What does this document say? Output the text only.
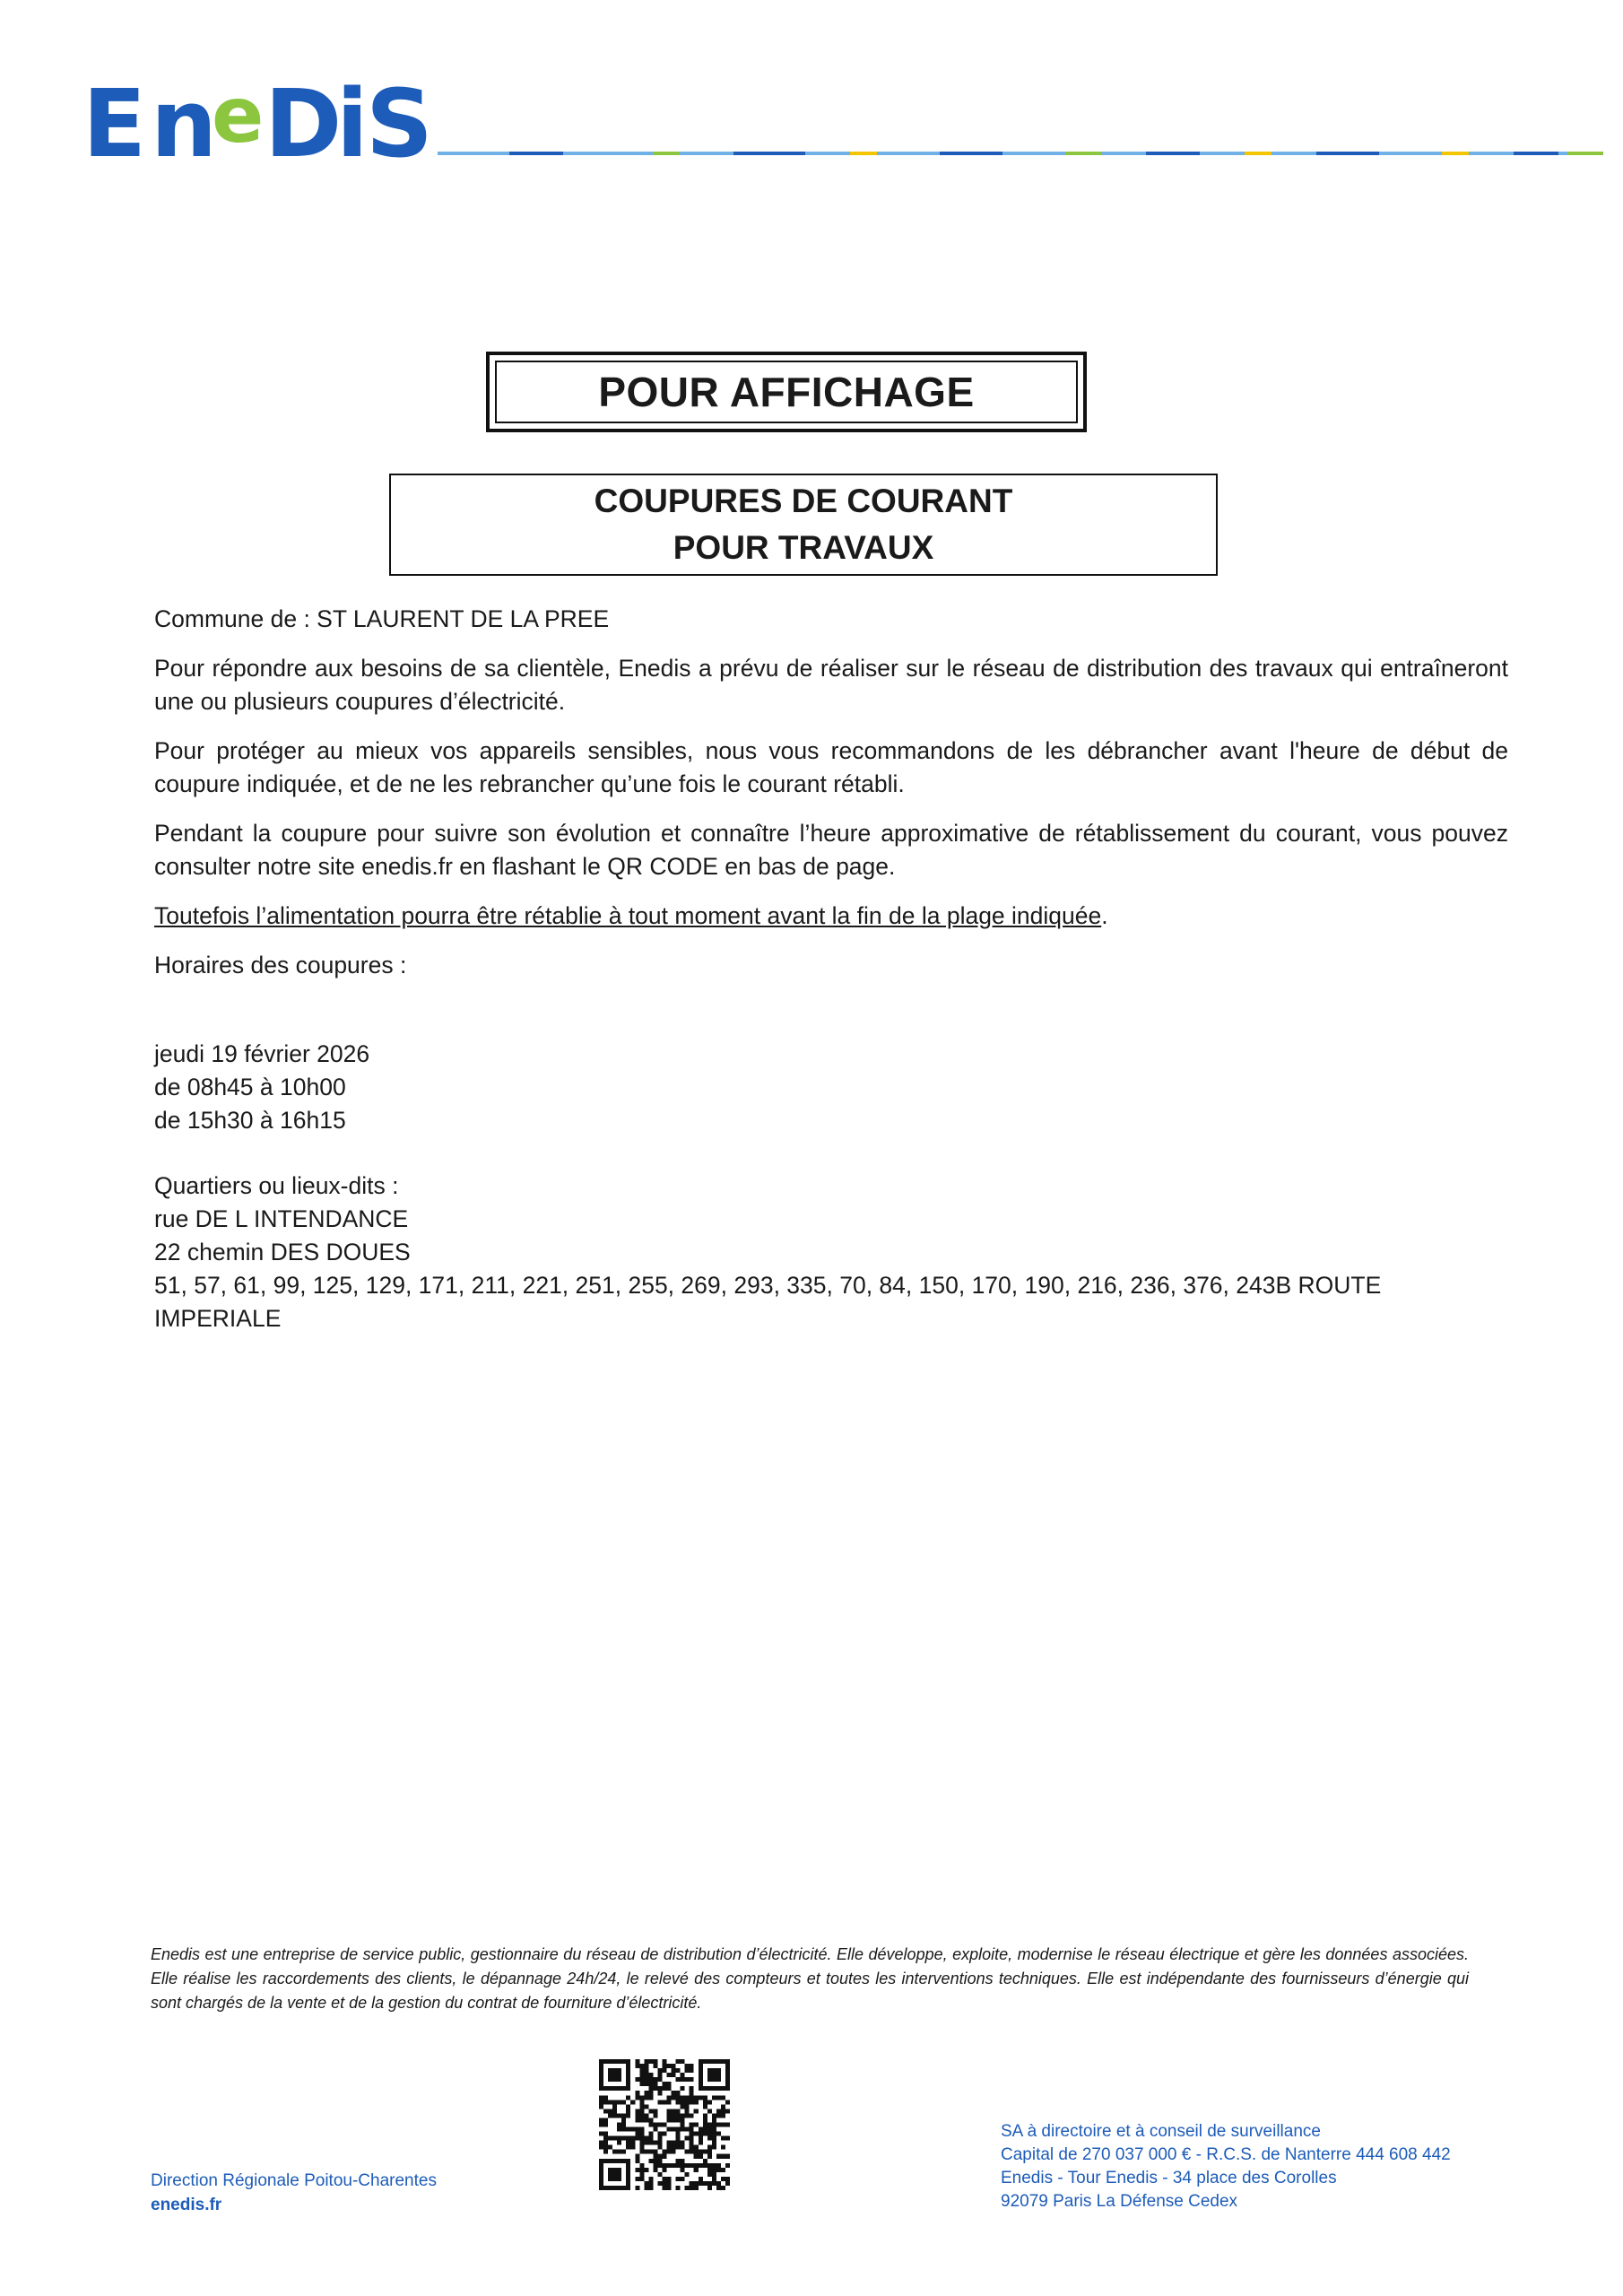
E n
e D
i
S
POUR AFFICHAGE
COUPURES DE COURANT
POUR TRAVAUX

Commune de : ST LAURENT DE LA PREE

Pour répondre aux besoins de sa clientèle, Enedis a prévu de réaliser sur le réseau de distribution des travaux qui entraîneront une ou plusieurs coupures d’électricité.

Pour protéger au mieux vos appareils sensibles, nous vous recommandons de les débrancher avant l'heure de début de coupure indiquée, et de ne les rebrancher qu’une fois le courant rétabli.

Pendant la coupure pour suivre son évolution et connaître l’heure approximative de rétablissement du courant, vous pouvez consulter notre site enedis.fr en flashant le QR CODE en bas de page.

Toutefois l’alimentation pourra être rétablie à tout moment avant la fin de la plage indiquée.

Horaires des coupures :

jeudi 19 février 2026

de 08h45 à 10h00

de 15h30 à 16h15

Quartiers ou lieux-dits :

rue DE L INTENDANCE

22 chemin DES DOUES

51, 57, 61, 99, 125, 129, 171, 211, 221, 251, 255, 269, 293, 335, 70, 84, 150, 170, 190, 216, 236, 376, 243B ROUTE IMPERIALE

Enedis est une entreprise de service public, gestionnaire du réseau de distribution d’électricité. Elle développe, exploite, modernise le réseau électrique et gère les données associées. Elle réalise les raccordements des clients, le dépannage 24h/24, le relevé des compteurs et toutes les interventions techniques. Elle est indépendante des fournisseurs d’énergie qui sont chargés de la vente et de la gestion du contrat de fourniture d’électricité.
Direction Régionale Poitou-Charentes
enedis.fr
SA à directoire et à conseil de surveillance
Capital de 270 037 000 € - R.C.S. de Nanterre 444 608 442
Enedis - Tour Enedis - 34 place des Corolles
92079 Paris La Défense Cedex
